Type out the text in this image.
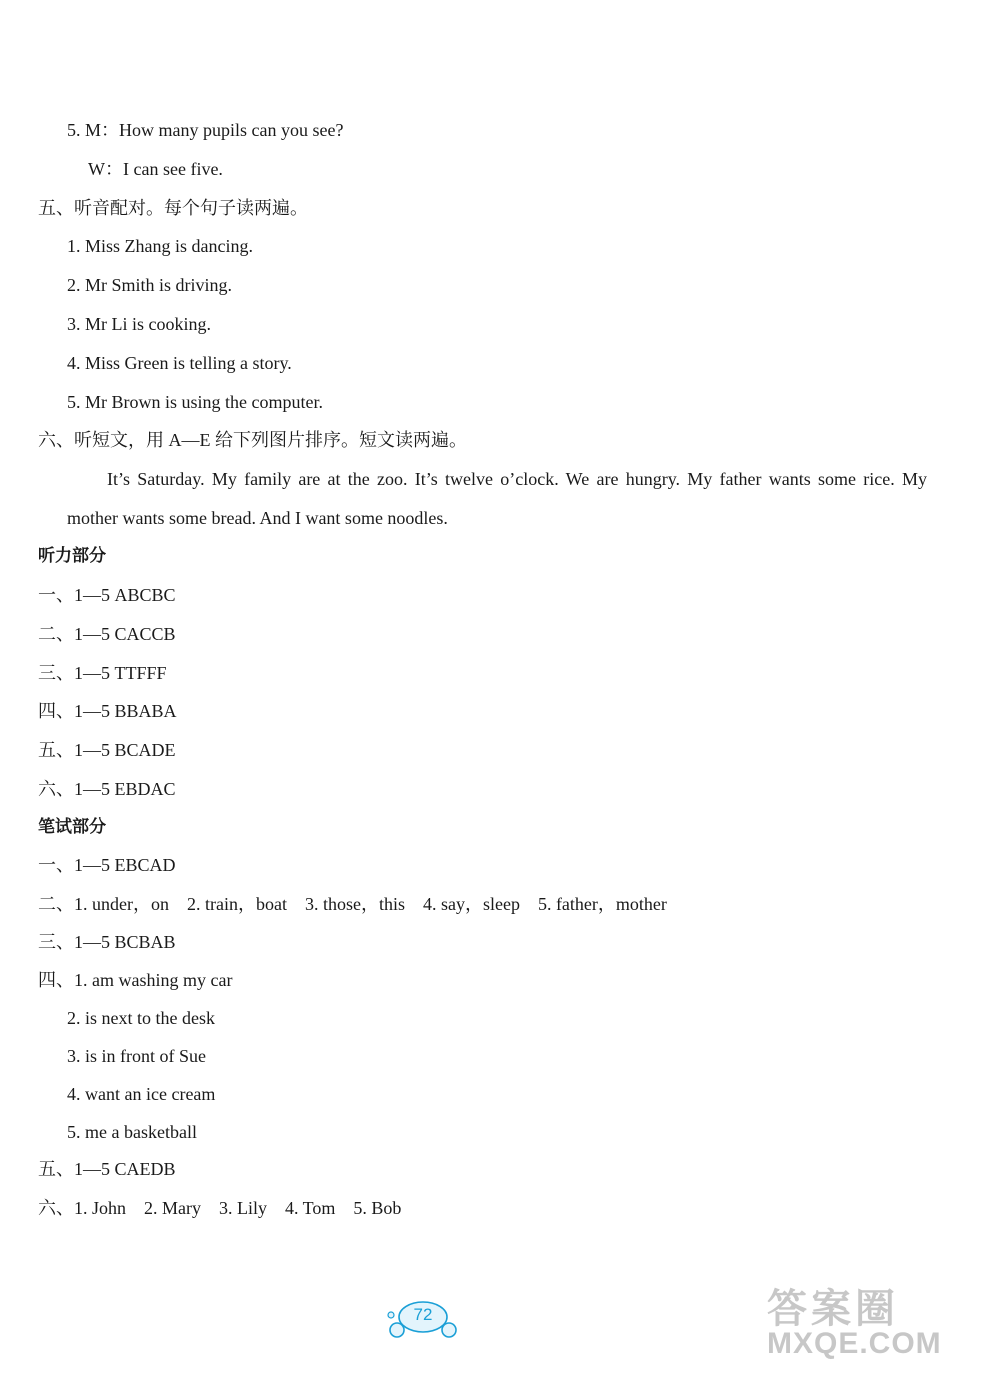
5. M：How many pupils can you see?
W：I can see five.
五、听音配对。每个句子读两遍。
1. Miss Zhang is dancing.
2. Mr Smith is driving.
3. Mr Li is cooking.
4. Miss Green is telling a story.
5. Mr Brown is using the computer.
六、听短文，用 A—E 给下列图片排序。短文读两遍。
It’s Saturday. My family are at the zoo. It’s twelve o’clock. We are hungry. My father wants some rice. My mother wants some bread. And I want some noodles.
听力部分
一、1—5 ABCBC
二、1—5 CACCB
三、1—5 TTFFF
四、1—5 BBABA
五、1—5 BCADE
六、1—5 EBDAC
笔试部分
一、1—5 EBCAD
二、1. under，on    2. train，boat    3. those，this    4. say，sleep    5. father，mother
三、1—5 BCBAB
四、1. am washing my car
2. is next to the desk
3. is in front of Sue
4. want an ice cream
5. me a basketball
五、1—5 CAEDB
六、1. John    2. Mary    3. Lily    4. Tom    5. Bob
72	答案圈
MXQE.COM
